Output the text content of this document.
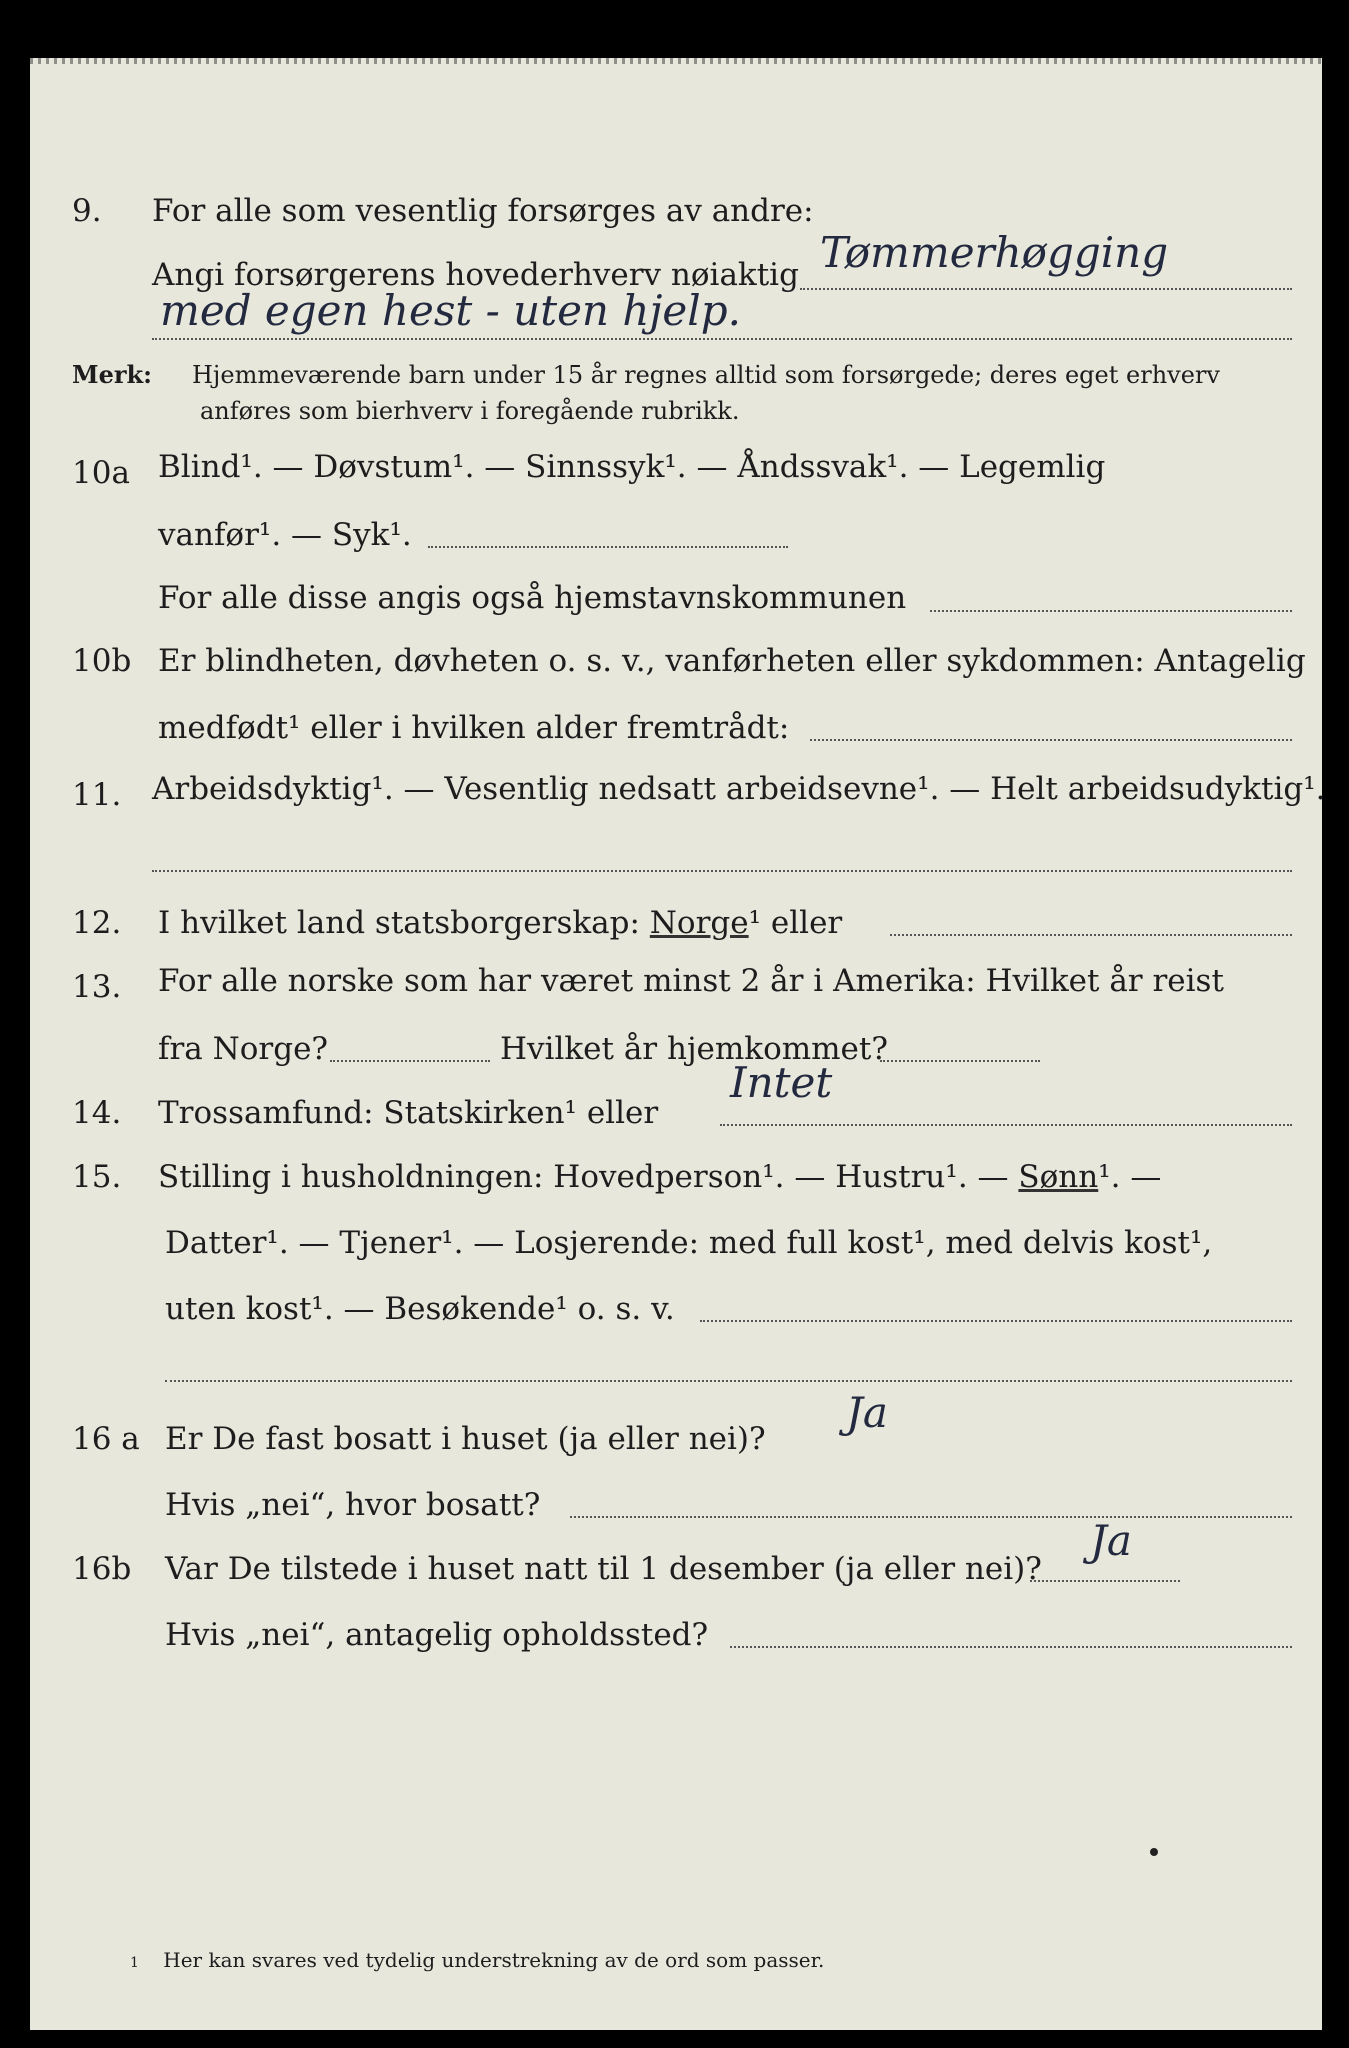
9. For alle som vesentlig forsørges av andre:
Angi forsørgerens hovederhverv nøiaktig Tømmerhøgging
med egen hest - uten hjelp.
Merk: Hjemmeværende barn under 15 år regnes alltid som forsørgede; deres eget erhverv
anføres som bierhverv i foregående rubrikk.
10a Blind¹. — Døvstum¹. — Sinnssyk¹. — Åndssvak¹. — Legemlig
vanfør¹. — Syk¹.
For alle disse angis også hjemstavnskommunen
10b Er blindheten, døvheten o. s. v., vanførheten eller sykdommen: Antagelig
medfødt¹ eller i hvilken alder fremtrådt:
11. Arbeidsdyktig¹. — Vesentlig nedsatt arbeidsevne¹. — Helt arbeidsudyktig¹.
12. I hvilket land statsborgerskap: Norge¹ eller
13. For alle norske som har været minst 2 år i Amerika: Hvilket år reist
fra Norge?	Hvilket år hjemkommet?
14. Trossamfund: Statskirken¹ eller
Intet
15. Stilling i husholdningen: Hovedperson¹. — Hustru¹. — Sønn¹. —
Datter¹. — Tjener¹. — Losjerende: med full kost¹, med delvis kost¹,
uten kost¹. — Besøkende¹ o. s. v.
16 a Er De fast bosatt i huset (ja eller nei)?
Ja
Hvis „nei“, hvor bosatt?
16b Var De tilstede i huset natt til 1 desember (ja eller nei)?
Ja
Hvis „nei“, antagelig opholdssted?
1 Her kan svares ved tydelig understrekning av de ord som passer.
